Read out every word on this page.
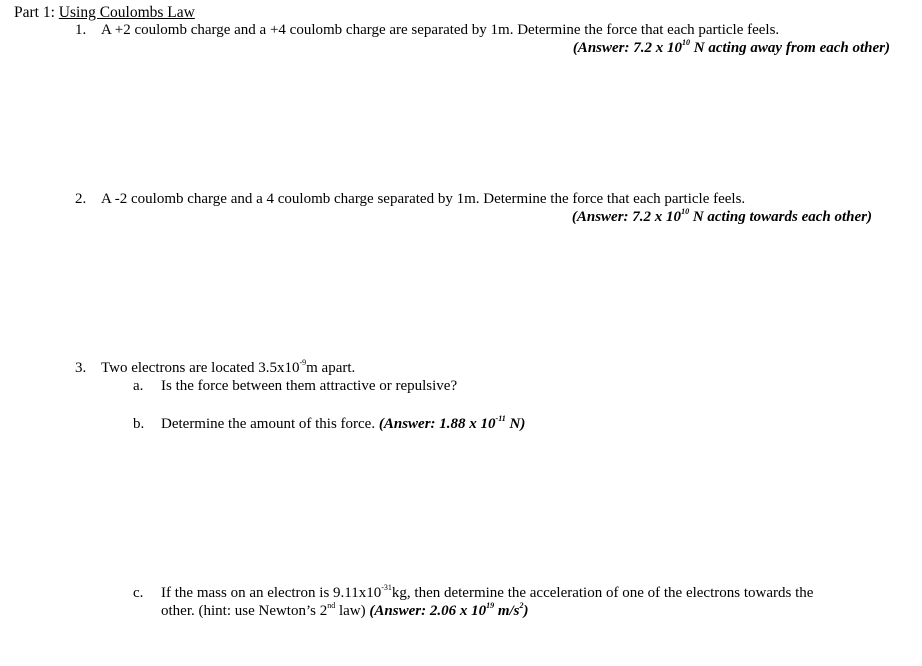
Part 1: Using Coulombs Law
1. A +2 coulomb charge and a +4 coulomb charge are separated by 1m. Determine the force that each particle feels.
(Answer: 7.2 x $10^{10}$ N acting away from each other)
2. A -2 coulomb charge and a 4 coulomb charge separated by 1m. Determine the force that each particle feels.
(Answer: 7.2 x $10^{10}$ N acting towards each other)
3. Two electrons are located $3.5x10^{-9}m$ apart.
a. Is the force between them attractive or repulsive?
b. Determine the amount of this force. (Answer: 1.88 x $10^{-11}$ N)
c. If the mass on an electron is $9.11x10^{-31}kg$, then determine the acceleration of one of the electrons towards the
other. (hint: use Newton’s 2nd law) (Answer: 2.06 x $10^{19}$ $m/s^2$)
